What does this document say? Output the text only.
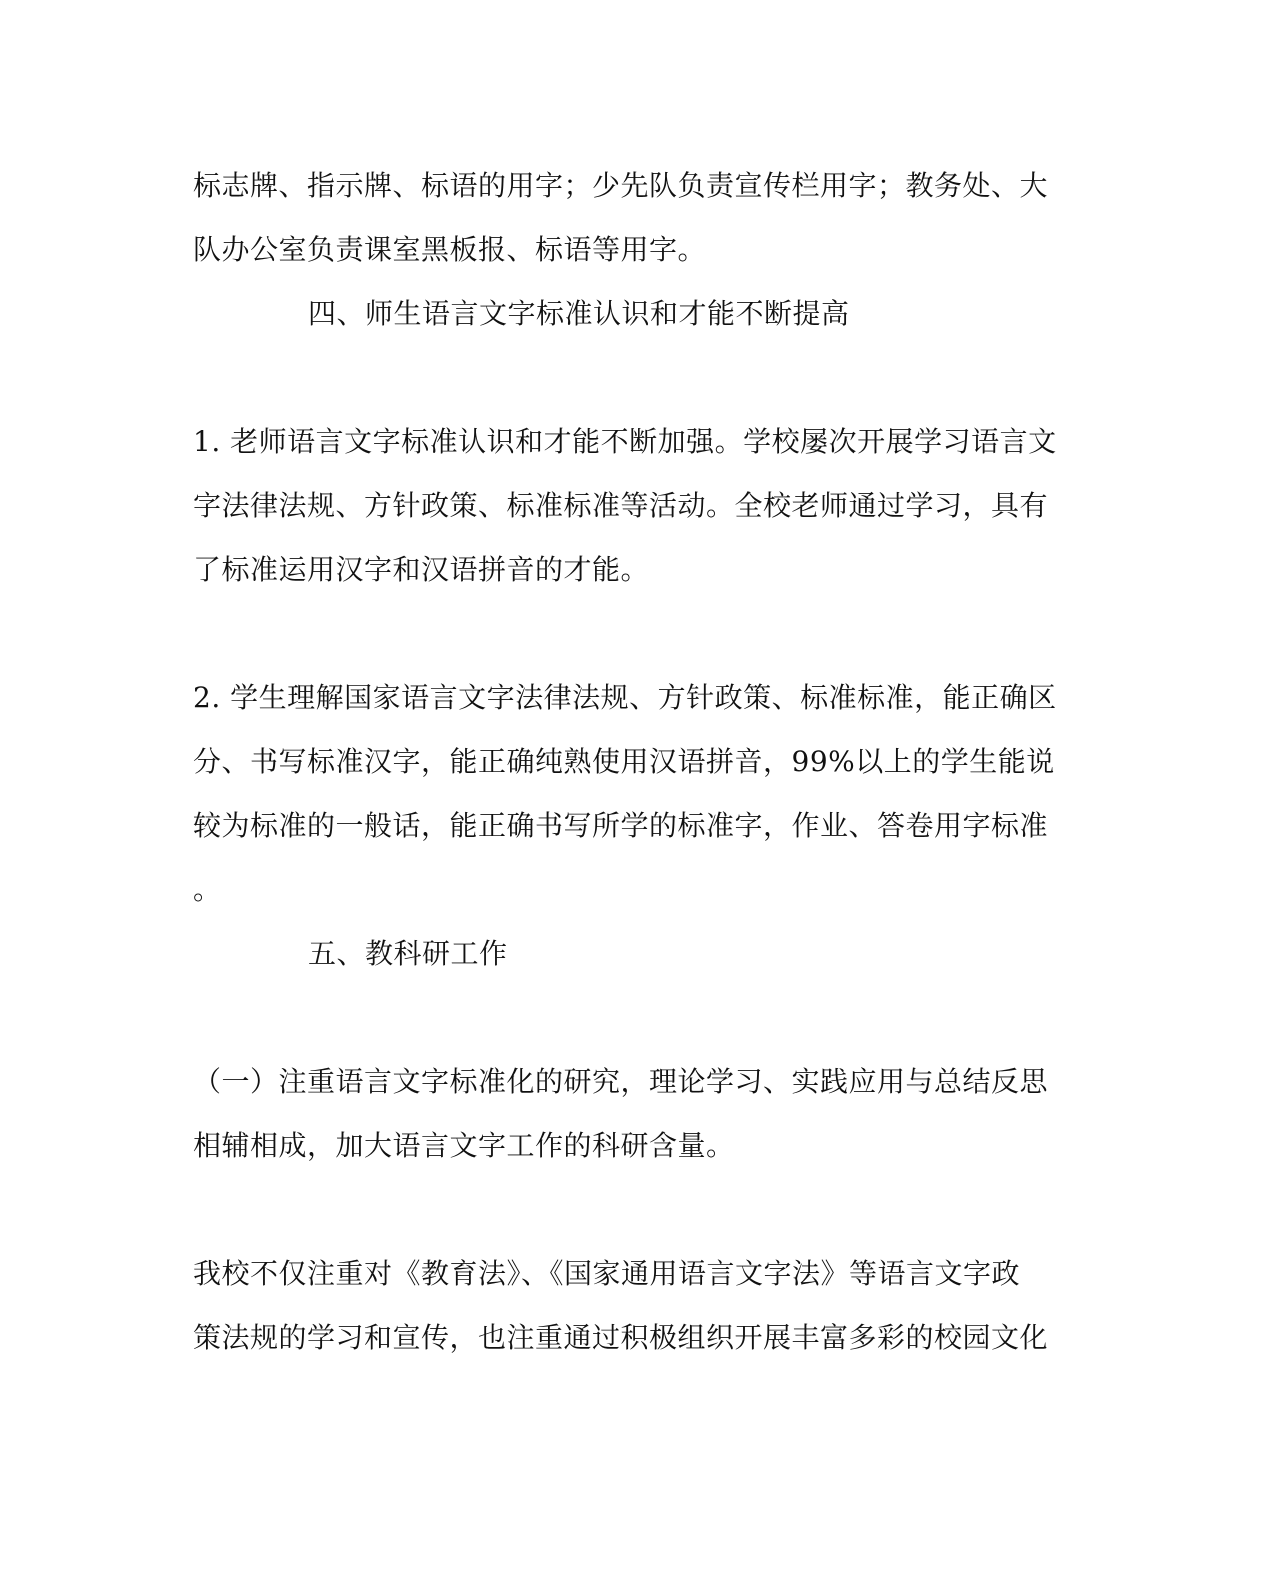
标志牌、指示牌、标语的用字；少先队负责宣传栏用字；教务处、大
队办公室负责课室黑板报、标语等用字。
四、师生语言文字标准认识和才能不断提高
1. 老师语言文字标准认识和才能不断加强。学校屡次开展学习语言文
字法律法规、方针政策、标准标准等活动。全校老师通过学习，具有
了标准运用汉字和汉语拼音的才能。
2. 学生理解国家语言文字法律法规、方针政策、标准标准，能正确区
分、书写标准汉字，能正确纯熟使用汉语拼音，99%以上的学生能说
较为标准的一般话，能正确书写所学的标准字，作业、答卷用字标准
。
五、教科研工作
（一）注重语言文字标准化的研究，理论学习、实践应用与总结反思
相辅相成，加大语言文字工作的科研含量。
我校不仅注重对《教育法》、《国家通用语言文字法》等语言文字政
策法规的学习和宣传，也注重通过积极组织开展丰富多彩的校园文化
